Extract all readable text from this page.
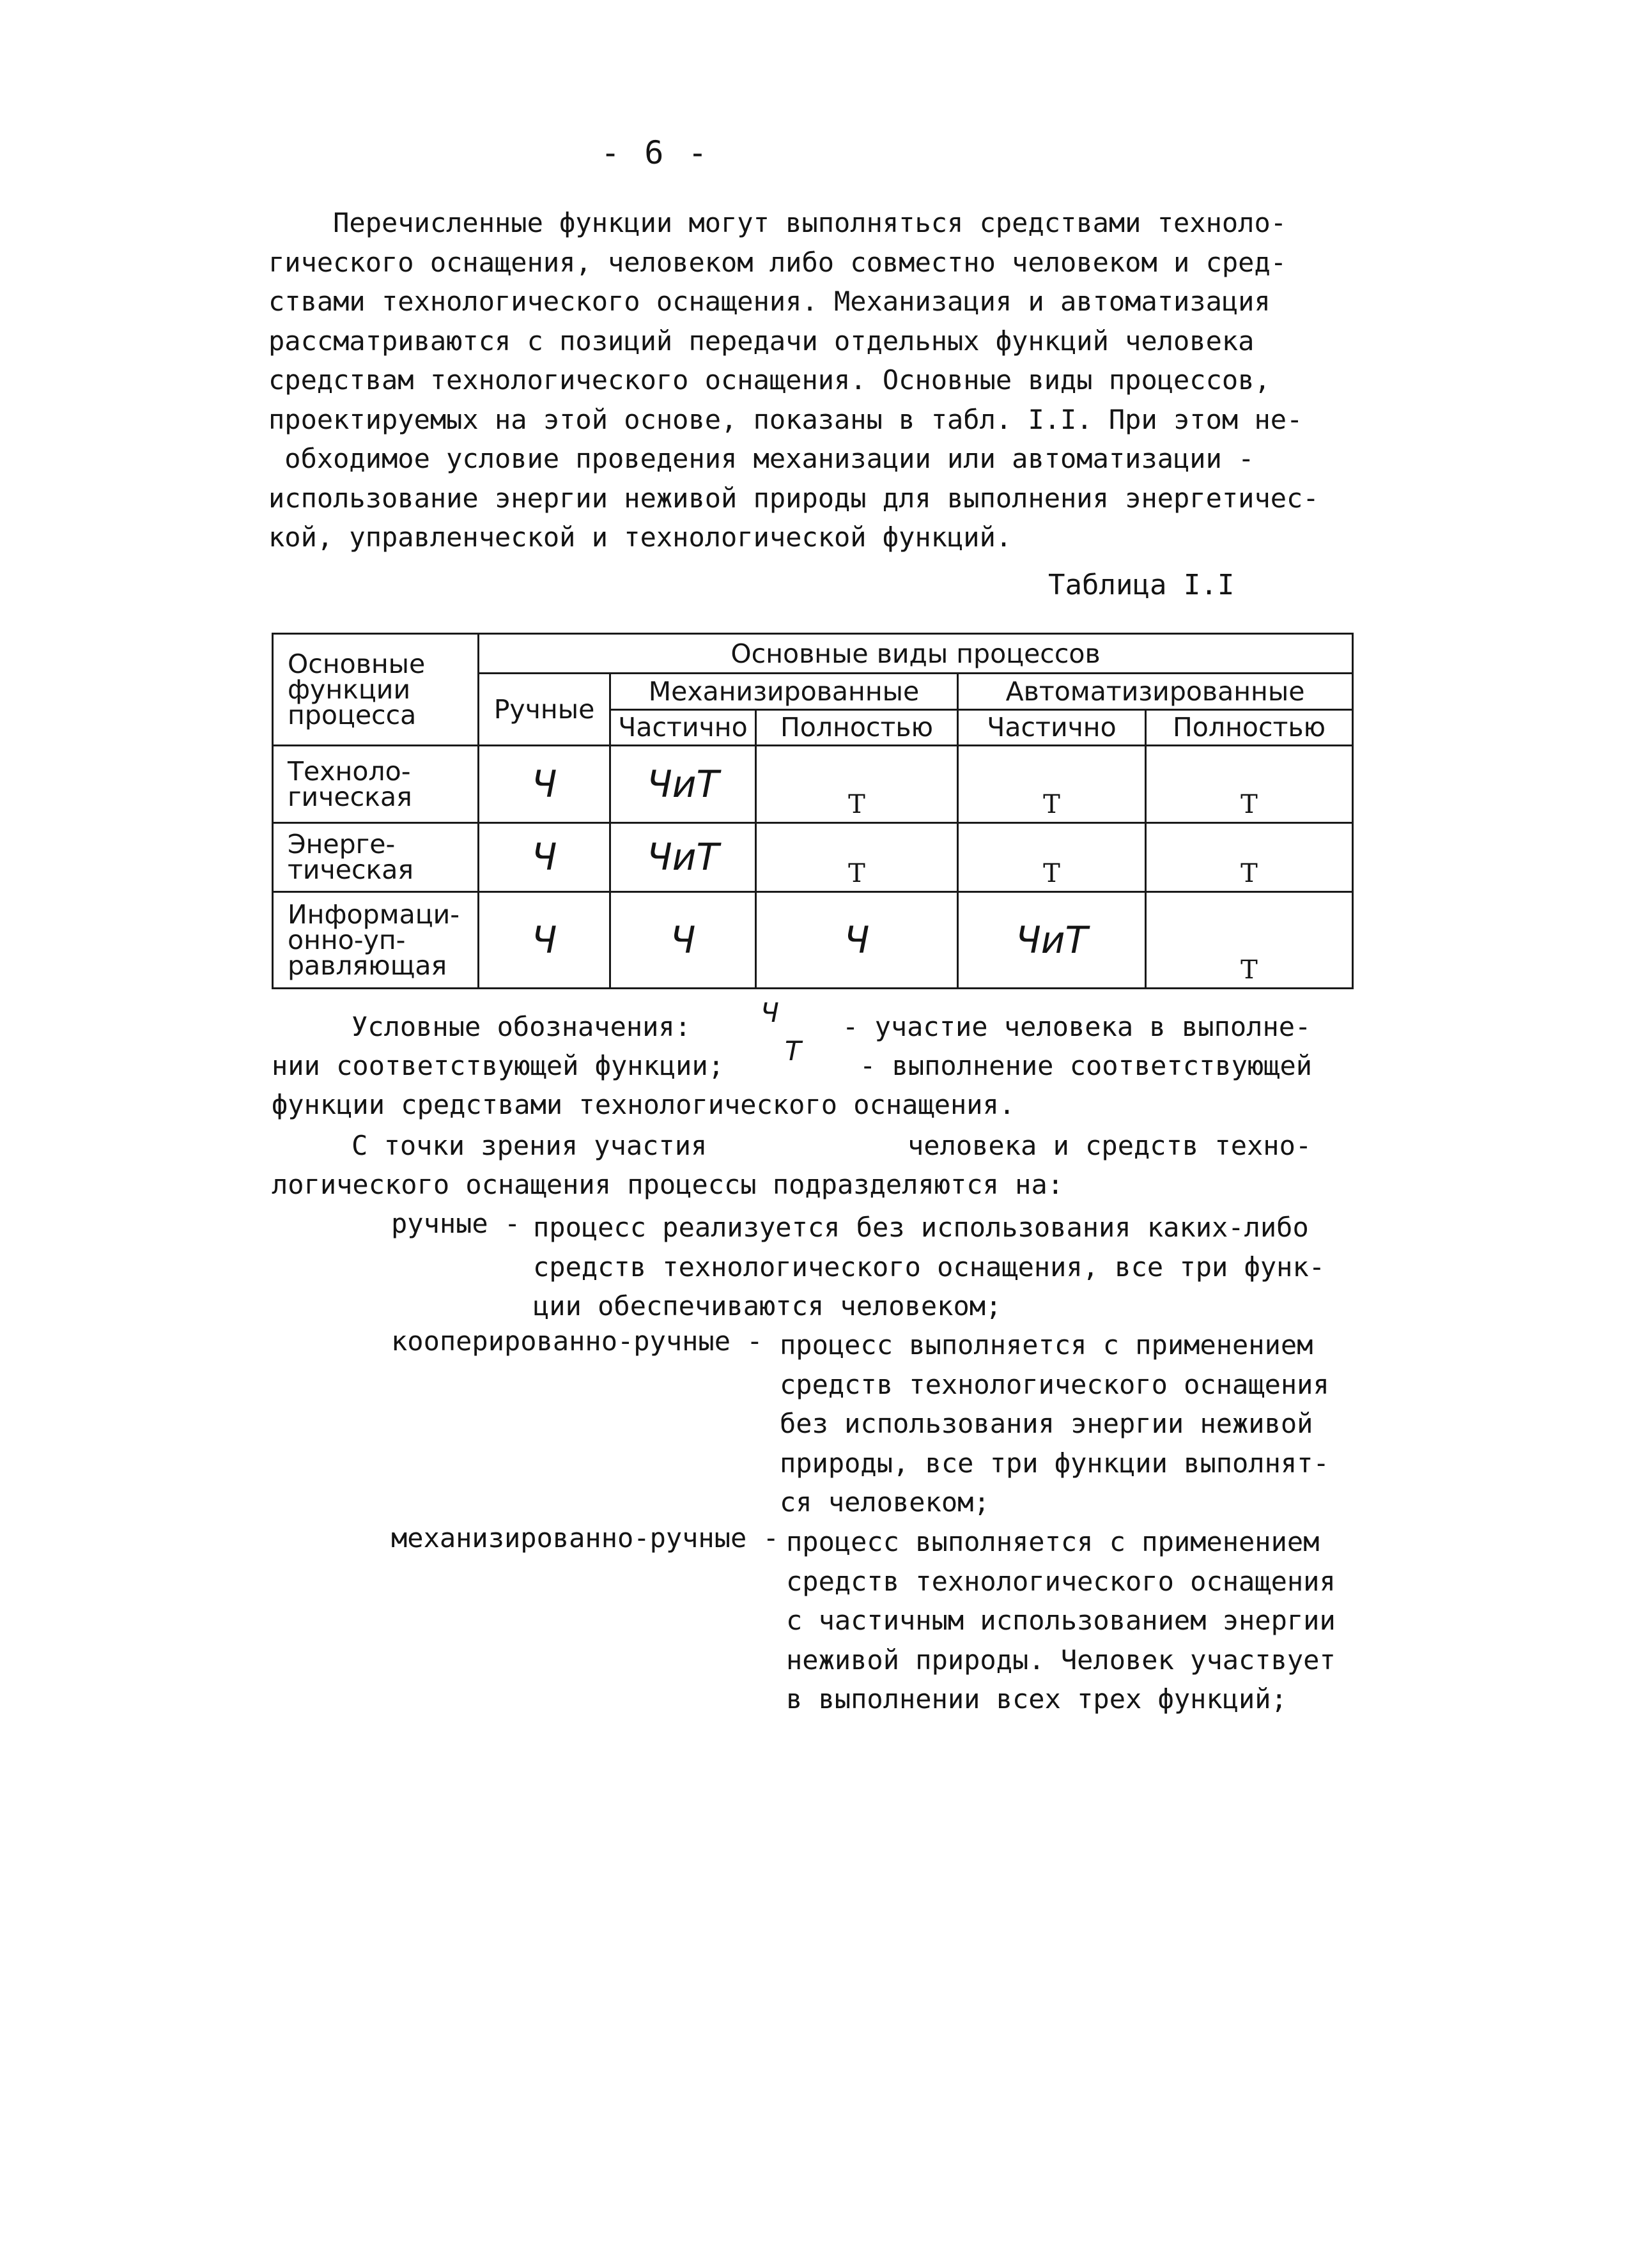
- 6 -

Перечисленные функции могут выполняться средствами техноло-
гического оснащения, человеком либо совместно человеком и сред-
ствами технологического оснащения. Механизация и автоматизация
рассматриваются с позиций передачи отдельных функций человека
средствам технологического оснащения. Основные виды процессов,
проектируемых на этой основе, показаны в табл. I.I. При этом не-
обходимое условие проведения механизации или автоматизации -
использование энергии неживой природы для выполнения энергетичес-
кой, управленческой и технологической функций.

Таблица I.I
Основные функции процесса	Основные виды процессов				
	Ручные	Механизированные		Автоматизированные	
		Частично	Полностью	Частично	Полностью
Техноло-гическая	Ч	ЧиТ	Т	Т	Т
Энерге-тическая	Ч	ЧиТ	Т	Т	Т
Информаци-онно-уп-равляющая	Ч	Ч	Ч	ЧиТ	Т
Условные обозначения:	Ч - участие человека в выполне-
нии соответствующей функции; Т - выполнение соответствующей
функции средствами технологического оснащения.
С точки зрения участия	человека и средств техно-
логического оснащения процессы подразделяются на:
ручные - процесс реализуется без использования каких-либо
средств технологического оснащения, все три функ-
ции обеспечиваются человеком;
кооперированно-ручные - процесс выполняется с применением
средств технологического оснащения
без использования энергии неживой
природы, все три функции выполнят-
ся человеком;
механизированно-ручные - процесс выполняется с применением
средств технологического оснащения
с частичным использованием энергии
неживой природы. Человек участвует
в выполнении всех трех функций;
